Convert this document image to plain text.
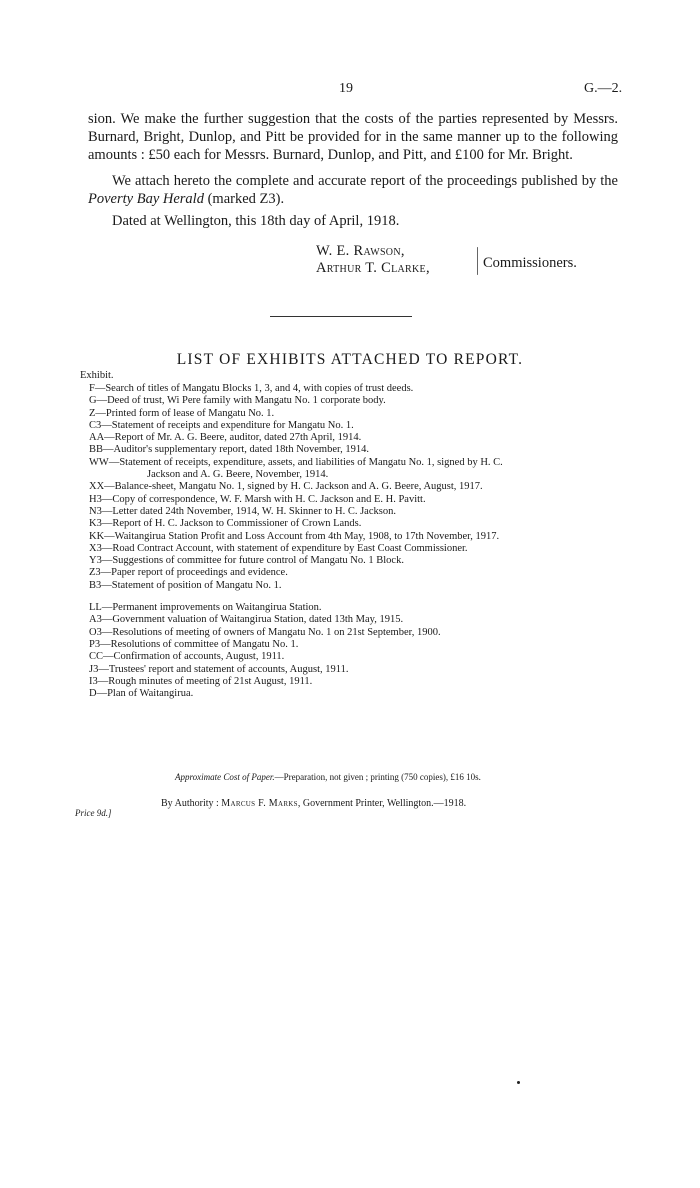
19	G.—2.

sion. We make the further suggestion that the costs of the parties represented by Messrs. Burnard, Bright, Dunlop, and Pitt be provided for in the same manner up to the following amounts : £50 each for Messrs. Burnard, Dunlop, and Pitt, and £100 for Mr. Bright.

We attach hereto the complete and accurate report of the proceedings published by the Poverty Bay Herald (marked Z3).

Dated at Wellington, this 18th day of April, 1918.

W. E. Rawson,
Arthur T. Clarke,	Commissioners.
LIST OF EXHIBITS ATTACHED TO REPORT.
Exhibit.
F—Search of titles of Mangatu Blocks 1, 3, and 4, with copies of trust deeds.
G—Deed of trust, Wi Pere family with Mangatu No. 1 corporate body.
Z—Printed form of lease of Mangatu No. 1.
C3—Statement of receipts and expenditure for Mangatu No. 1.
AA—Report of Mr. A. G. Beere, auditor, dated 27th April, 1914.
BB—Auditor's supplementary report, dated 18th November, 1914.
WW—Statement of receipts, expenditure, assets, and liabilities of Mangatu No. 1, signed by H. C.
Jackson and A. G. Beere, November, 1914.
XX—Balance-sheet, Mangatu No. 1, signed by H. C. Jackson and A. G. Beere, August, 1917.
H3—Copy of correspondence, W. F. Marsh with H. C. Jackson and E. H. Pavitt.
N3—Letter dated 24th November, 1914, W. H. Skinner to H. C. Jackson.
K3—Report of H. C. Jackson to Commissioner of Crown Lands.
KK—Waitangirua Station Profit and Loss Account from 4th May, 1908, to 17th November, 1917.
X3—Road Contract Account, with statement of expenditure by East Coast Commissioner.
Y3—Suggestions of committee for future control of Mangatu No. 1 Block.
Z3—Paper report of proceedings and evidence.
B3—Statement of position of Mangatu No. 1.
LL—Permanent improvements on Waitangirua Station.
A3—Government valuation of Waitangirua Station, dated 13th May, 1915.
O3—Resolutions of meeting of owners of Mangatu No. 1 on 21st September, 1900.
P3—Resolutions of committee of Mangatu No. 1.
CC—Confirmation of accounts, August, 1911.
J3—Trustees' report and statement of accounts, August, 1911.
I3—Rough minutes of meeting of 21st August, 1911.
D—Plan of Waitangirua.
Approximate Cost of Paper.—Preparation, not given ; printing (750 copies), £16 10s.
By Authority : Marcus F. Marks, Government Printer, Wellington.—1918.
Price 9d.]
